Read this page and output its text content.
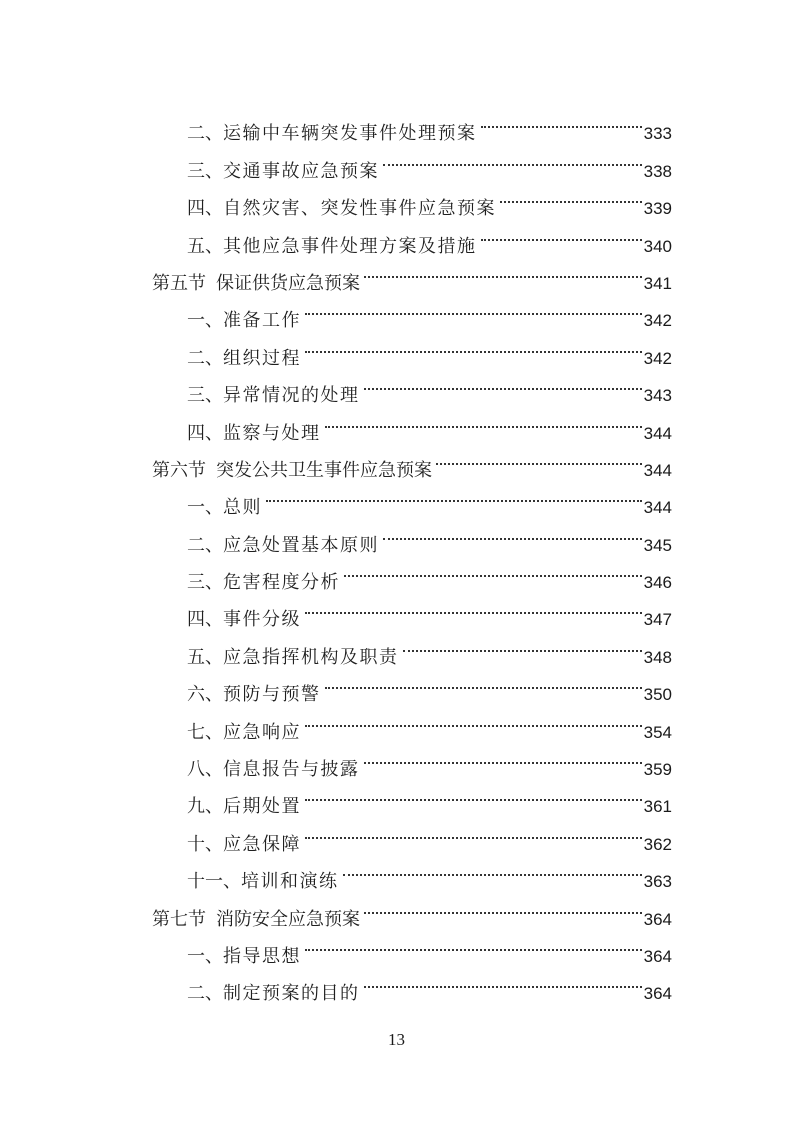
二、 运输中车辆突发事件处理预案	333
三、 交通事故应急预案	338
四、 自然灾害、突发性事件应急预案	339
五、 其他应急事件处理方案及措施	340
第五节 保证供货应急预案	341
一、 准备工作	342
二、 组织过程	342
三、 异常情况的处理	343
四、 监察与处理	344
第六节 突发公共卫生事件应急预案	344
一、 总则	344
二、 应急处置基本原则	345
三、 危害程度分析	346
四、 事件分级	347
五、 应急指挥机构及职责	348
六、 预防与预警	350
七、 应急响应	354
八、 信息报告与披露	359
九、 后期处置	361
十、 应急保障	362
十一、 培训和演练	363
第七节 消防安全应急预案	364
一、 指导思想	364
二、 制定预案的目的	364
13
